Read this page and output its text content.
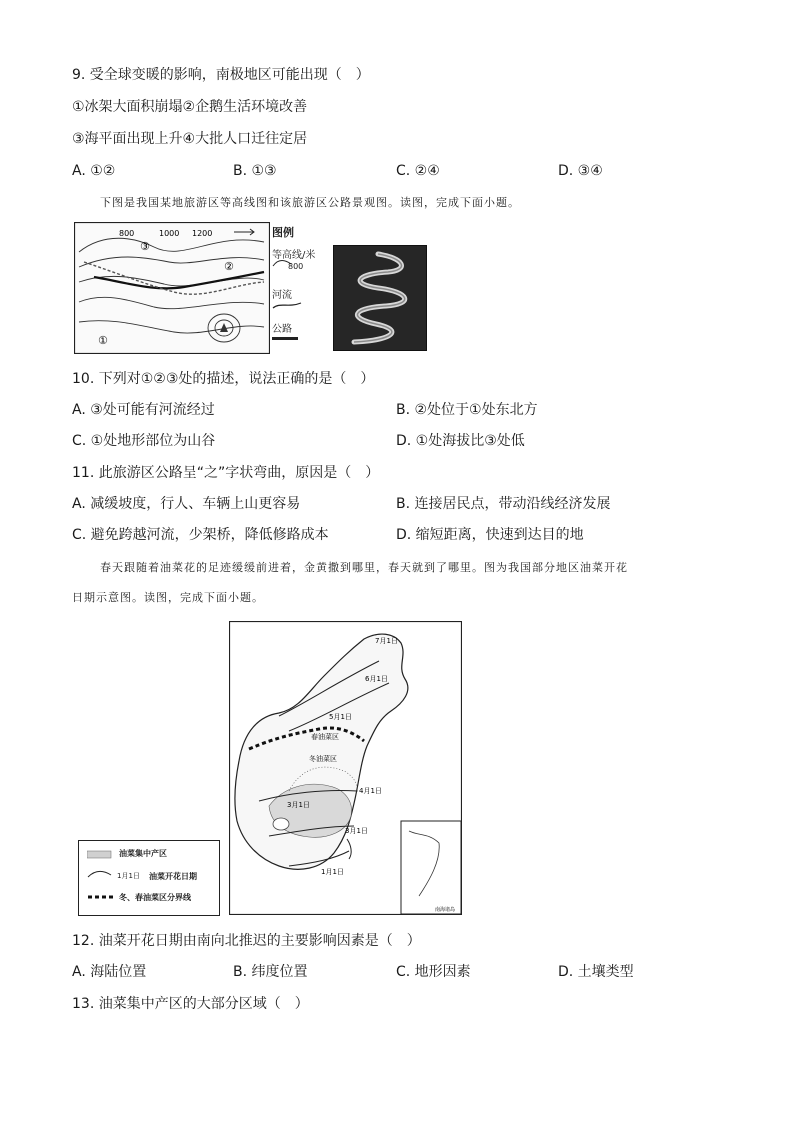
9. 受全球变暖的影响，南极地区可能出现（　）
①冰架大面积崩塌②企鹅生活环境改善
③海平面出现上升④大批人口迁往定居
A. ①②	B. ①③	C. ②④	D. ③④
下图是我国某地旅游区等高线图和该旅游区公路景观图。读图，完成下面小题。
800	1000 1200
①
②
③
图例
等高线/米
800
河流
公路
10. 下列对①②③处的描述，说法正确的是（　）
A. ③处可能有河流经过	B. ②处位于①处东北方
C. ①处地形部位为山谷	D. ①处海拔比③处低
11. 此旅游区公路呈“之”字状弯曲，原因是（　）
A. 减缓坡度，行人、车辆上山更容易	B. 连接居民点，带动沿线经济发展
C. 避免跨越河流，少架桥，降低修路成本	D. 缩短距离，快速到达目的地
春天跟随着油菜花的足迹缓缓前进着，金黄撒到哪里，春天就到了哪里。图为我国部分地区油菜开花
日期示意图。读图，完成下面小题。
7月1日
6月1日
5月1日
4月1日
3月1日
3月1日
1月1日
春油菜区
冬油菜区
南海诸岛
油菜集中产区
1月1日 油菜开花日期
冬、春油菜区分界线
12. 油菜开花日期由南向北推迟的主要影响因素是（　）
A. 海陆位置	B. 纬度位置	C. 地形因素	D. 土壤类型
13. 油菜集中产区的大部分区域（　）
